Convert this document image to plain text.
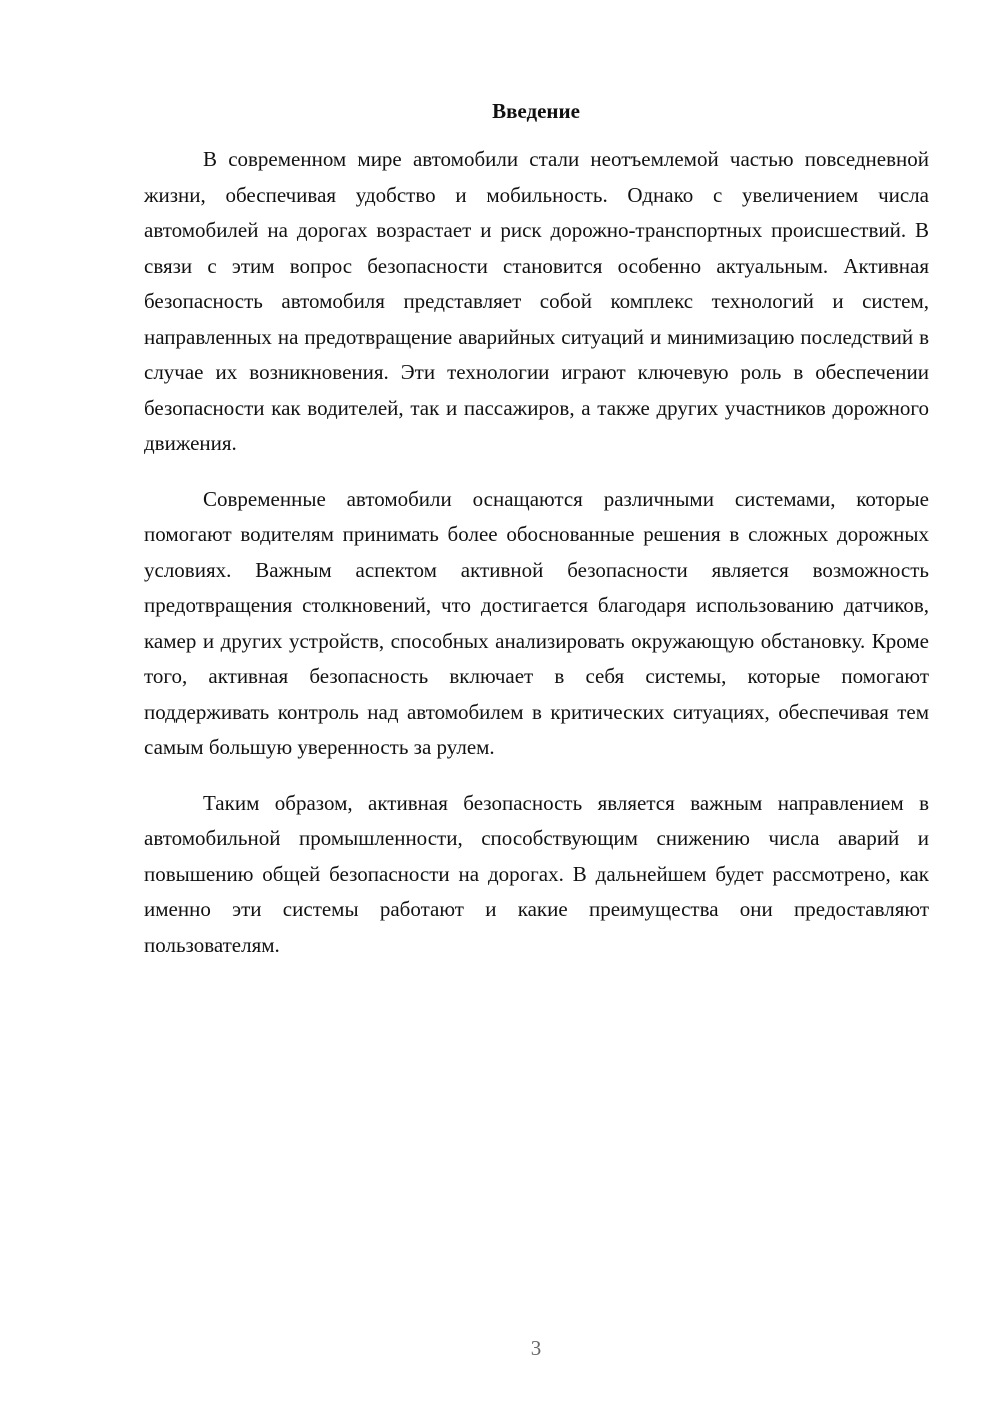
Введение

В современном мире автомобили стали неотъемлемой частью повседневной жизни, обеспечивая удобство и мобильность. Однако с увеличением числа автомобилей на дорогах возрастает и риск дорожно-транспортных происшествий. В связи с этим вопрос безопасности становится особенно актуальным. Активная безопасность автомобиля представляет собой комплекс технологий и систем, направленных на предотвращение аварийных ситуаций и минимизацию последствий в случае их возникновения. Эти технологии играют ключевую роль в обеспечении безопасности как водителей, так и пассажиров, а также других участников дорожного движения.

Современные автомобили оснащаются различными системами, которые помогают водителям принимать более обоснованные решения в сложных дорожных условиях. Важным аспектом активной безопасности является возможность предотвращения столкновений, что достигается благодаря использованию датчиков, камер и других устройств, способных анализировать окружающую обстановку. Кроме того, активная безопасность включает в себя системы, которые помогают поддерживать контроль над автомобилем в критических ситуациях, обеспечивая тем самым большую уверенность за рулем.

Таким образом, активная безопасность является важным направлением в автомобильной промышленности, способствующим снижению числа аварий и повышению общей безопасности на дорогах. В дальнейшем будет рассмотрено, как именно эти системы работают и какие преимущества они предоставляют пользователям.

3
